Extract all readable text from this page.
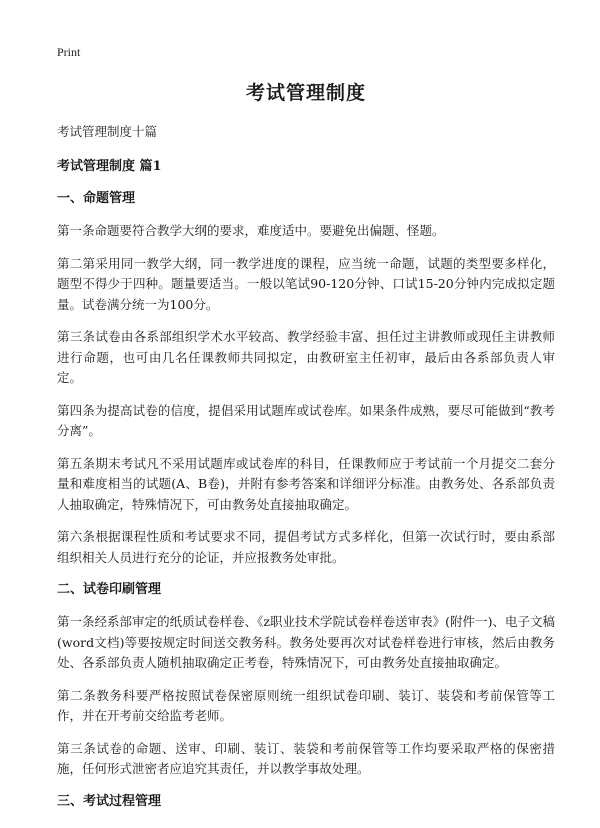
Print
考试管理制度
考试管理制度十篇
考试管理制度 篇1
一、命题管理

第一条命题要符合教学大纲的要求，难度适中。要避免出偏题、怪题。

第二第采用同一教学大纲，同一教学进度的课程，应当统一命题，试题的类型要多样化，题型不得少于四种。题量要适当。一般以笔试90-120分钟、口试15-20分钟内完成拟定题量。试卷满分统一为100分。

第三条试卷由各系部组织学术水平较高、教学经验丰富、担任过主讲教师或现任主讲教师进行命题，也可由几名任课教师共同拟定，由教研室主任初审，最后由各系部负责人审定。

第四条为提高试卷的信度，提倡采用试题库或试卷库。如果条件成熟，要尽可能做到“教考分离”。

第五条期末考试凡不采用试题库或试卷库的科目，任课教师应于考试前一个月提交二套分量和难度相当的试题(A、B卷)，并附有参考答案和详细评分标准。由教务处、各系部负责人抽取确定，特殊情况下，可由教务处直接抽取确定。

第六条根据课程性质和考试要求不同，提倡考试方式多样化，但第一次试行时，要由系部组织相关人员进行充分的论证，并应报教务处审批。

二、试卷印刷管理

第一条经系部审定的纸质试卷样卷、《z职业技术学院试卷样卷送审表》(附件一)、电子文稿(word文档)等要按规定时间送交教务科。教务处要再次对试卷样卷进行审核，然后由教务处、各系部负责人随机抽取确定正考卷，特殊情况下，可由教务处直接抽取确定。

第二条教务科要严格按照试卷保密原则统一组织试卷印刷、装订、装袋和考前保管等工作，并在开考前交给监考老师。

第三条试卷的命题、送审、印刷、装订、装袋和考前保管等工作均要采取严格的保密措施，任何形式泄密者应追究其责任，并以教学事故处理。

三、考试过程管理
